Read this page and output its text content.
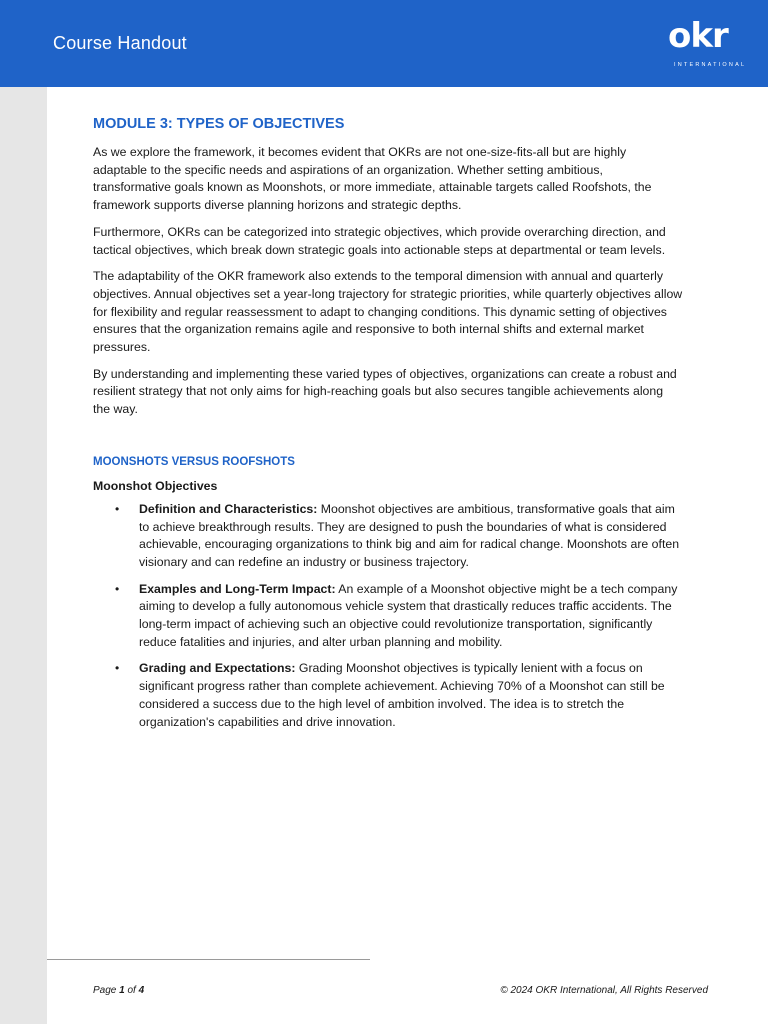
Course Handout	okr
INTERNATIONAL
MODULE 3: TYPES OF OBJECTIVES

As we explore the framework, it becomes evident that OKRs are not one-size-fits-all but are highly adaptable to the specific needs and aspirations of an organization. Whether setting ambitious, transformative goals known as Moonshots, or more immediate, attainable targets called Roofshots, the framework supports diverse planning horizons and strategic depths.

Furthermore, OKRs can be categorized into strategic objectives, which provide overarching direction, and tactical objectives, which break down strategic goals into actionable steps at departmental or team levels.

The adaptability of the OKR framework also extends to the temporal dimension with annual and quarterly objectives. Annual objectives set a year-long trajectory for strategic priorities, while quarterly objectives allow for flexibility and regular reassessment to adapt to changing conditions. This dynamic setting of objectives ensures that the organization remains agile and responsive to both internal shifts and external market pressures.

By understanding and implementing these varied types of objectives, organizations can create a robust and resilient strategy that not only aims for high-reaching goals but also secures tangible achievements along the way.

MOONSHOTS VERSUS ROOFSHOTS
Moonshot Objectives
• Definition and Characteristics: Moonshot objectives are ambitious, transformative goals that aim to achieve breakthrough results. They are designed to push the boundaries of what is considered achievable, encouraging organizations to think big and aim for radical change. Moonshots are often visionary and can redefine an industry or business trajectory.
• Examples and Long-Term Impact: An example of a Moonshot objective might be a tech company aiming to develop a fully autonomous vehicle system that drastically reduces traffic accidents. The long-term impact of achieving such an objective could revolutionize transportation, significantly reduce fatalities and injuries, and alter urban planning and mobility.
• Grading and Expectations: Grading Moonshot objectives is typically lenient with a focus on significant progress rather than complete achievement. Achieving 70% of a Moonshot can still be considered a success due to the high level of ambition involved. The idea is to stretch the organization's capabilities and drive innovation.
Page 1 of 4	© 2024 OKR International, All Rights Reserved
